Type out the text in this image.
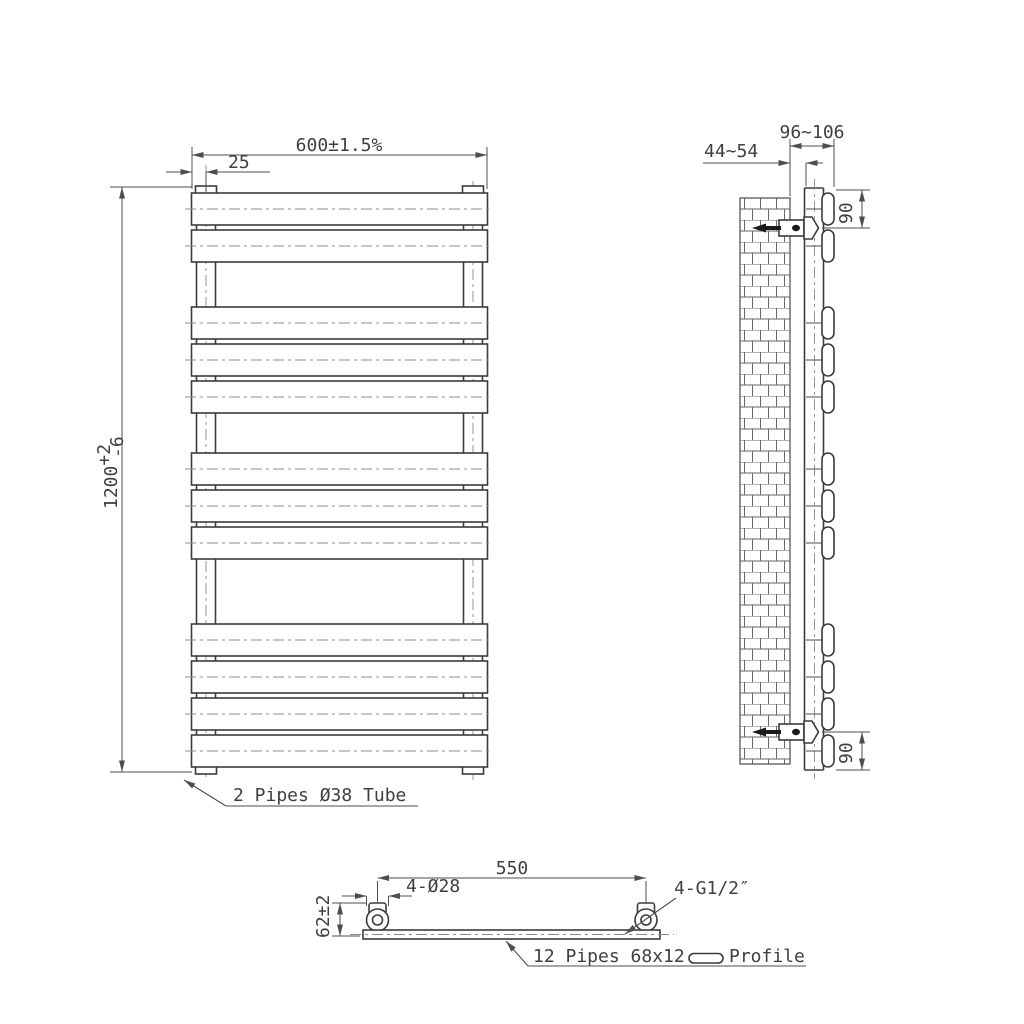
600±1.5%
25
1200+2-6
2 Pipes Ø38 Tube
96~106
44~54
90
90
550
4-Ø28
62±2
4-G1/2″
12 Pipes 68x12 Profile
